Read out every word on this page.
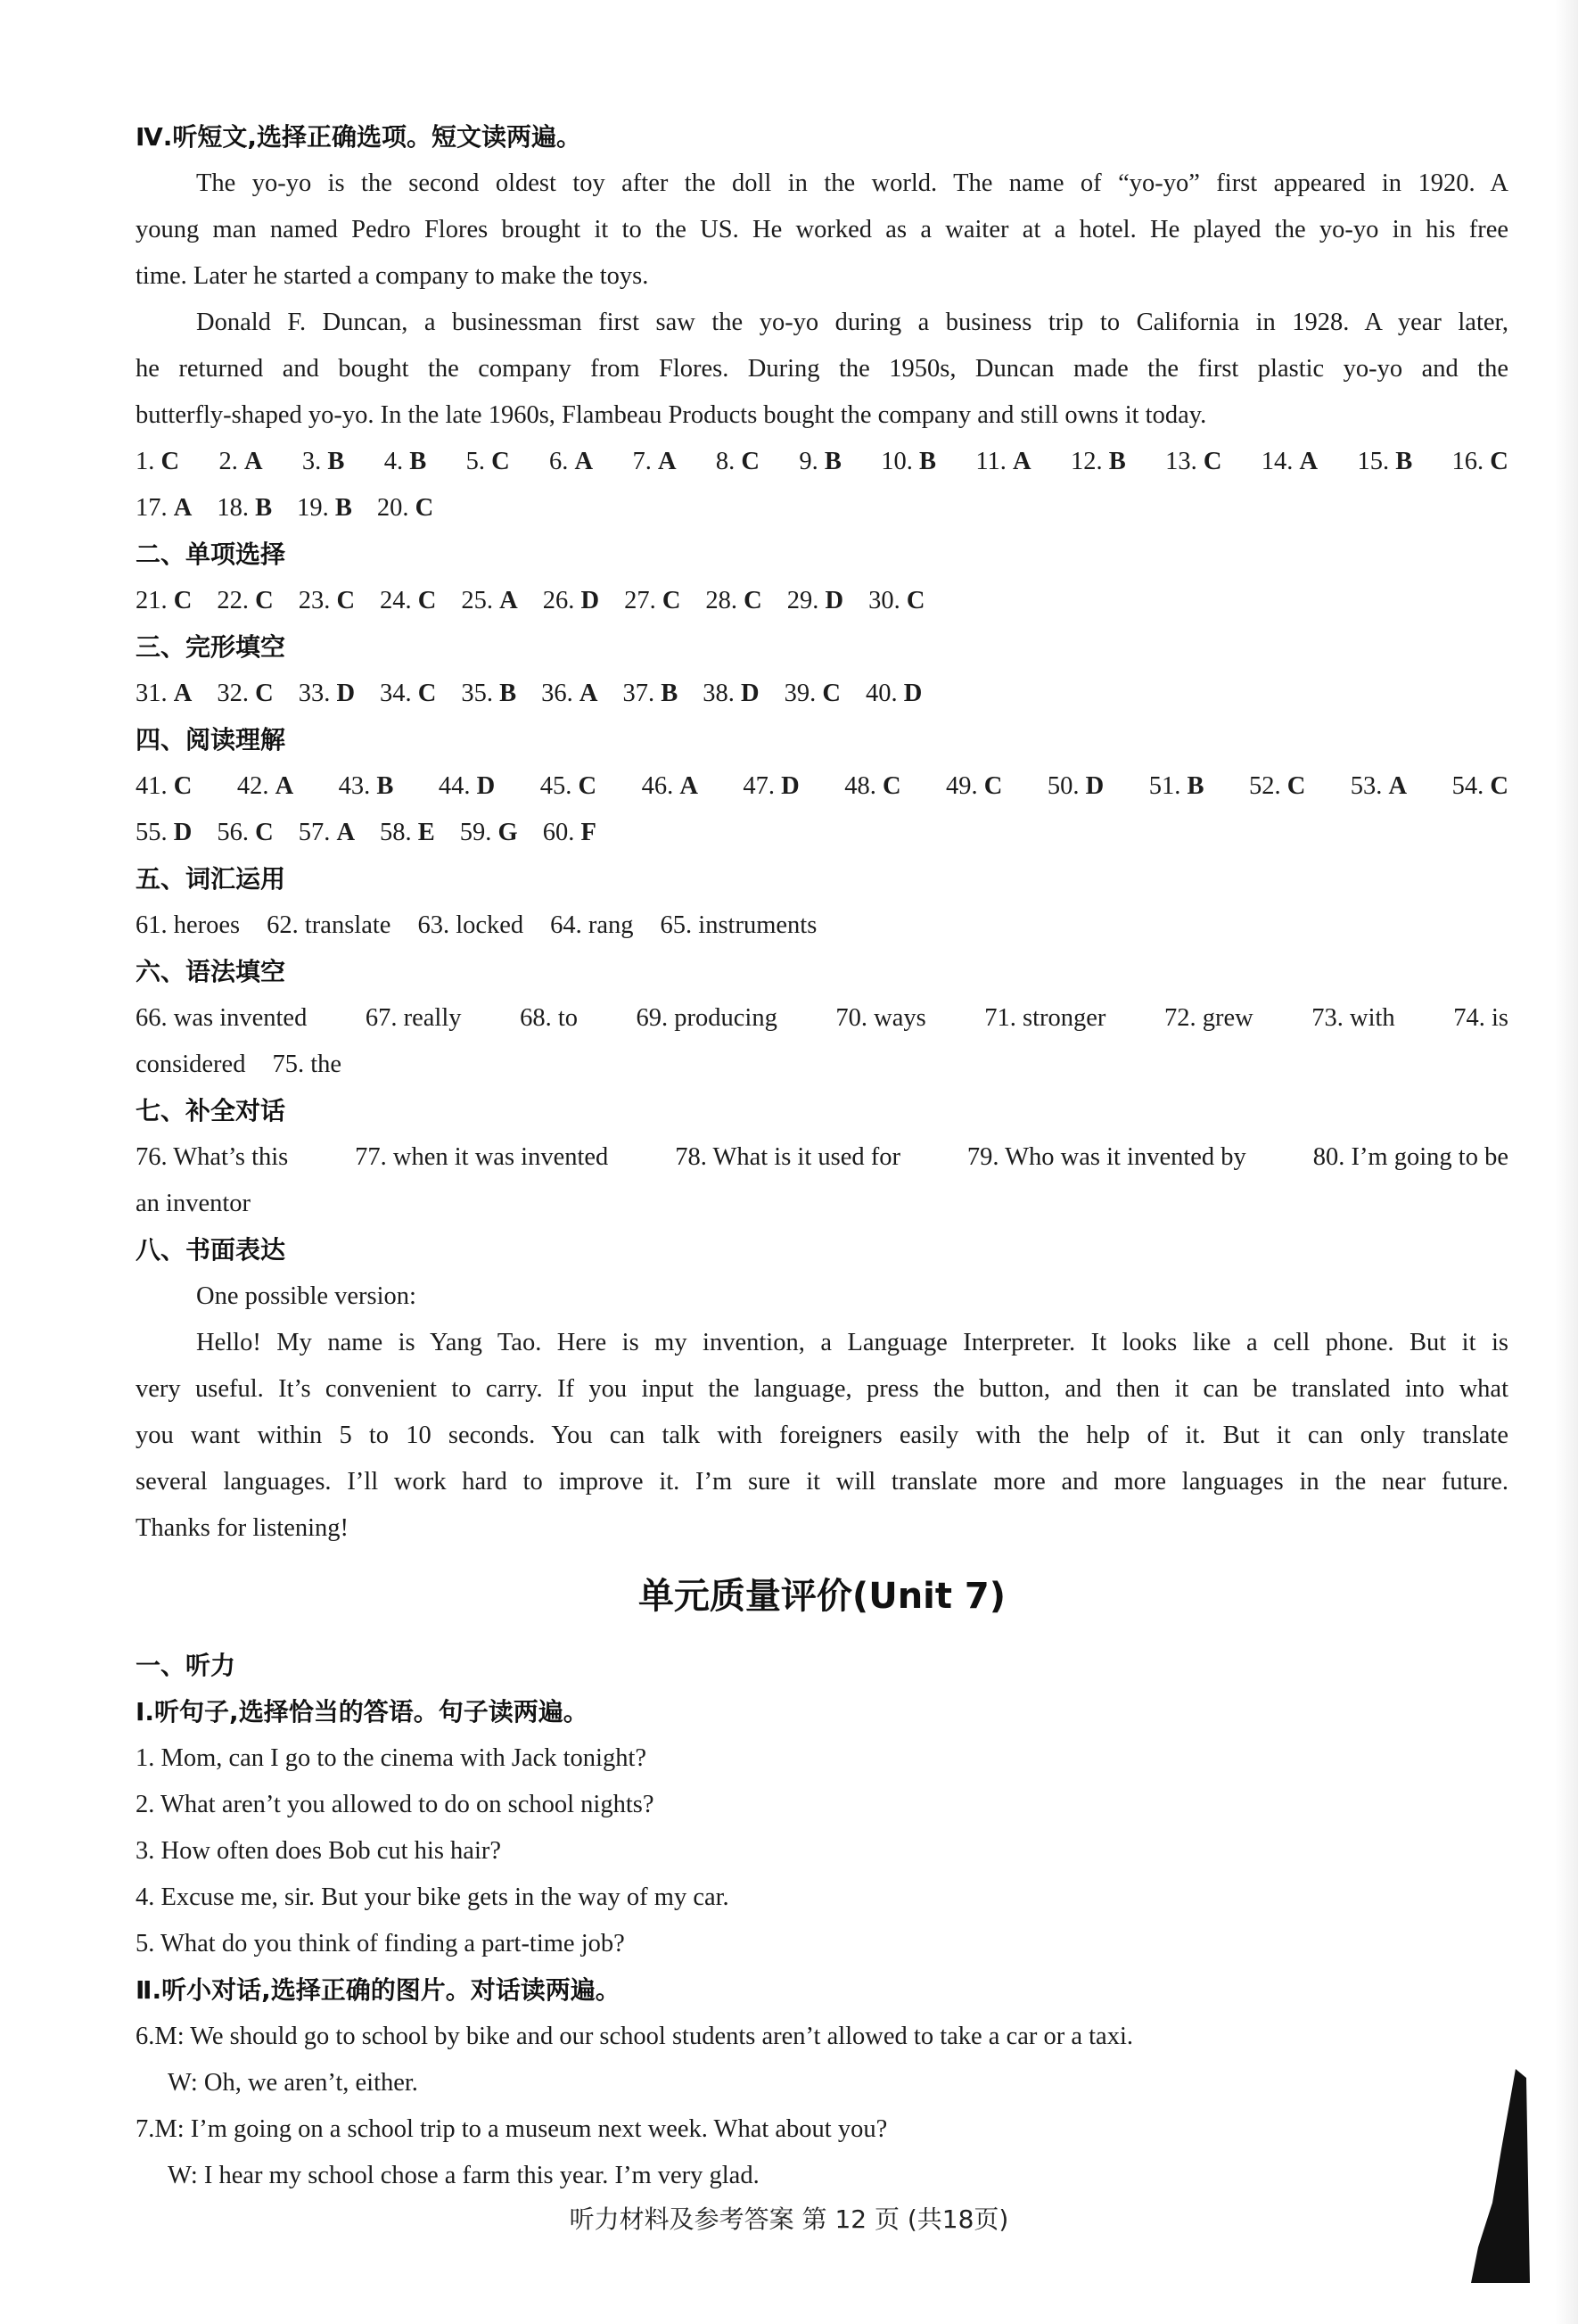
Ⅳ.听短文,选择正确选项。短文读两遍。
The yo-yo is the second oldest toy after the doll in the world. The name of “yo-yo” first appeared in 1920. A
young man named Pedro Flores brought it to the US. He worked as a waiter at a hotel. He played the yo-yo in his free
time. Later he started a company to make the toys.
Donald F. Duncan, a businessman first saw the yo-yo during a business trip to California in 1928. A year later,
he returned and bought the company from Flores. During the 1950s, Duncan made the first plastic yo-yo and the
butterfly-shaped yo-yo. In the late 1960s, Flambeau Products bought the company and still owns it today.
1. C 2. A 3. B 4. B 5. C 6. A 7. A 8. C 9. B 10. B 11. A 12. B 13. C 14. A 15. B 16. C
17. A 18. B 19. B 20. C
二、单项选择
21. C 22. C 23. C 24. C 25. A 26. D 27. C 28. C 29. D 30. C
三、完形填空
31. A 32. C 33. D 34. C 35. B 36. A 37. B 38. D 39. C 40. D
四、阅读理解
41. C 42. A 43. B 44. D 45. C 46. A 47. D 48. C 49. C 50. D 51. B 52. C 53. A 54. C
55. D 56. C 57. A 58. E 59. G 60. F
五、词汇运用
61. heroes 62. translate 63. locked 64. rang 65. instruments
六、语法填空
66. was invented 67. really 68. to 69. producing 70. ways 71. stronger 72. grew 73. with 74. is
considered 75. the
七、补全对话
76. What’s this	77. when it was invented	78. What is it used for	79. Who was it invented by	80. I’m going to be
an inventor
八、书面表达
One possible version:
Hello! My name is Yang Tao. Here is my invention, a Language Interpreter. It looks like a cell phone. But it is
very useful. It’s convenient to carry. If you input the language, press the button, and then it can be translated into what
you want within 5 to 10 seconds. You can talk with foreigners easily with the help of it. But it can only translate
several languages. I’ll work hard to improve it. I’m sure it will translate more and more languages in the near future.
Thanks for listening!
单元质量评价(Unit 7)
一、听力
Ⅰ.听句子,选择恰当的答语。句子读两遍。
1. Mom, can I go to the cinema with Jack tonight?
2. What aren’t you allowed to do on school nights?
3. How often does Bob cut his hair?
4. Excuse me, sir. But your bike gets in the way of my car.
5. What do you think of finding a part-time job?
Ⅱ.听小对话,选择正确的图片。对话读两遍。
6.M: We should go to school by bike and our school students aren’t allowed to take a car or a taxi.
W: Oh, we aren’t, either.
7.M: I’m going on a school trip to a museum next week. What about you?
W: I hear my school chose a farm this year. I’m very glad.
听力材料及参考答案 第 12 页 (共18页)
